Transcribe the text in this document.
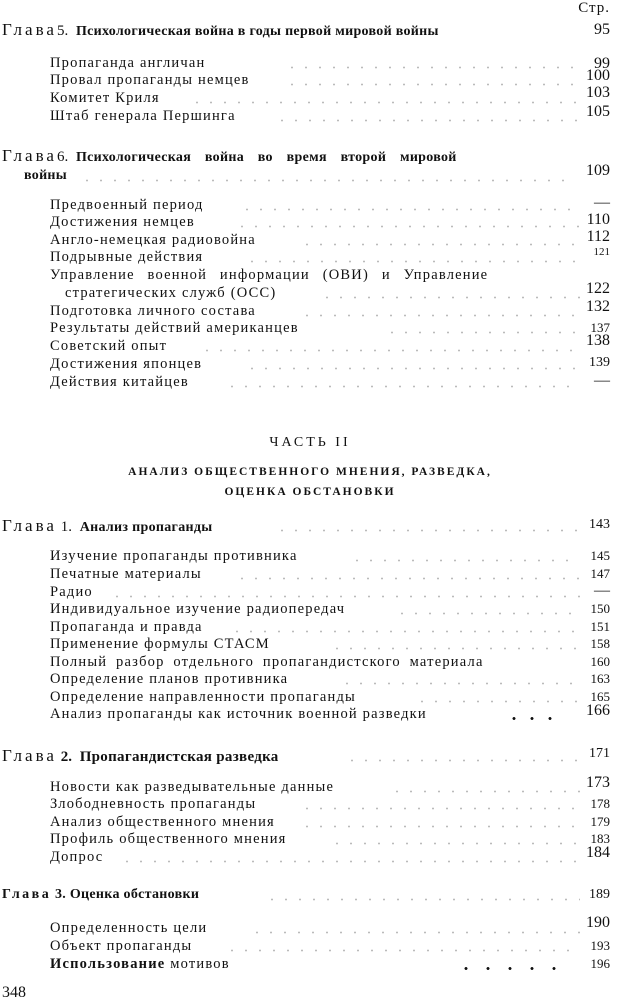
Стр.
Глава5. Психологическая война в годы первой мировой войны	95
Пропаганда англичан	99
Провал пропаганды немцев	100
Комитет Криля	103
Штаб генерала Першинга	105
Глава6. Психологическая война во время второй мировой
войны	109
Предвоенный период	—
Достижения немцев	110
Англо-немецкая радиовойна	112
Подрывные действия	121
Управление военной информации (ОВИ) и Управление
стратегических служб (ОСС)	122
Подготовка личного состава	132
Результаты действий американцев	137
Советский опыт	138
Достижения японцев	139
Действия китайцев	—
ЧАСТЬ II
АНАЛИЗ ОБЩЕСТВЕННОГО МНЕНИЯ, РАЗВЕДКА,
ОЦЕНКА ОБСТАНОВКИ
Глава 1. Анализ пропаганды	143
Изучение пропаганды противника	145
Печатные материалы	147
Радио	—
Индивидуальное изучение радиопередач	150
Пропаганда и правда	151
Применение формулы СТАСМ	158
Полный разбор отдельного пропагандистского материала	160
Определение планов противника	163
Определение направленности пропаганды	165
Анализ пропаганды как источник военной разведки	166
Глава 2. Пропагандистская разведка	171
Новости как разведывательные данные	173
Злободневность пропаганды	178
Анализ общественного мнения	179
Профиль общественного мнения	183
Допрос	184
Глава 3. Оценка обстановки	189
Определенность цели	190
Объект пропаганды	193
Использование мотивов	196
348
